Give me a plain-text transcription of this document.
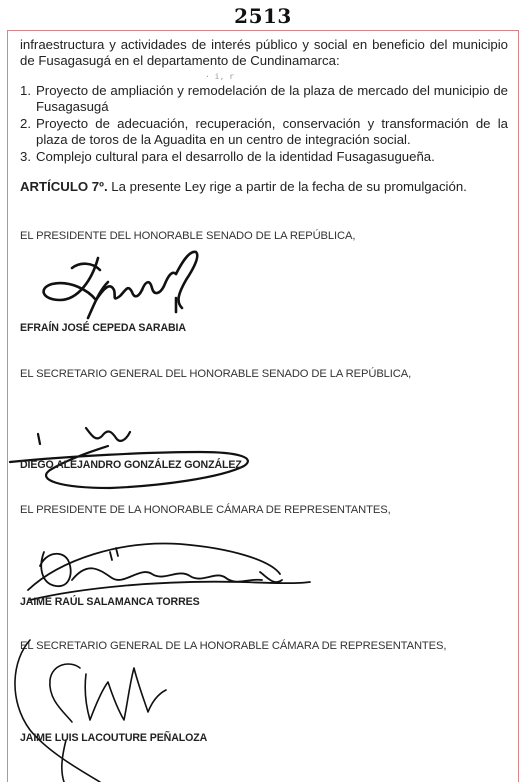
2513

infraestructura y actividades de interés público y social en beneficio del municipio de Fusagasugá en el departamento de Cundinamarca:

1. Proyecto de ampliación y remodelación de la plaza de mercado del municipio de Fusagasugá
2. Proyecto de adecuación, recuperación, conservación y transformación de la plaza de toros de la Aguadita en un centro de integración social.
3. Complejo cultural para el desarrollo de la identidad Fusagasugueña.

ARTÍCULO 7º. La presente Ley rige a partir de la fecha de su promulgación.

· i, r
EL PRESIDENTE DEL HONORABLE SENADO DE LA REPÚBLICA,
EFRAÍN JOSÉ CEPEDA SARABIA
EL SECRETARIO GENERAL DEL HONORABLE SENADO DE LA REPÚBLICA,
DIEGO ALEJANDRO GONZÁLEZ GONZÁLEZ
EL PRESIDENTE DE LA HONORABLE CÁMARA DE REPRESENTANTES,
JAIME RAÚL SALAMANCA TORRES
EL SECRETARIO GENERAL DE LA HONORABLE CÁMARA DE REPRESENTANTES,
JAIME LUIS LACOUTURE PEÑALOZA
